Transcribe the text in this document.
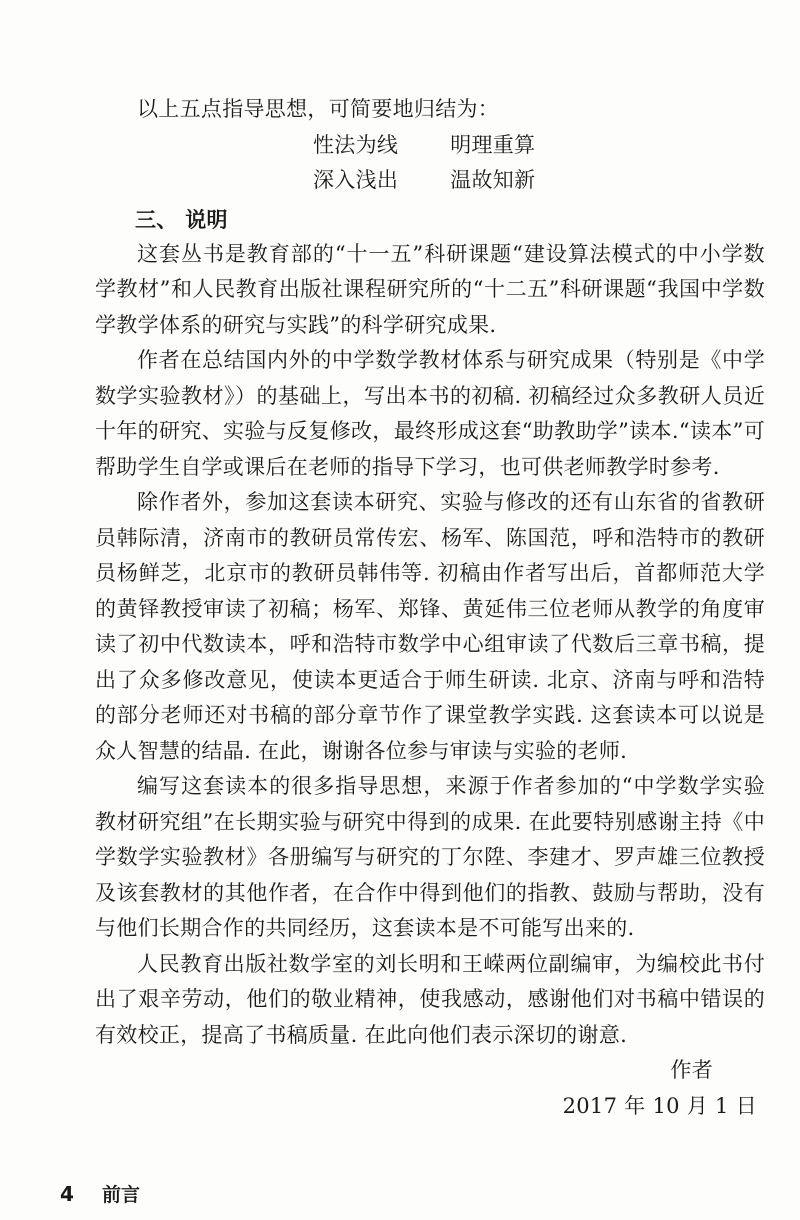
以上五点指导思想，可简要地归结为：

性法为线 明理重算

深入浅出 温故知新

三、 说明

这套丛书是教育部的“十一五”科研课题“建设算法模式的中小学数学教材”和人民教育出版社课程研究所的“十二五”科研课题“我国中学数学教学体系的研究与实践”的科学研究成果.

作者在总结国内外的中学数学教材体系与研究成果（特别是《中学数学实验教材》）的基础上，写出本书的初稿. 初稿经过众多教研人员近十年的研究、实验与反复修改，最终形成这套“助教助学”读本.“读本”可帮助学生自学或课后在老师的指导下学习，也可供老师教学时参考.

除作者外，参加这套读本研究、实验与修改的还有山东省的省教研员韩际清，济南市的教研员常传宏、杨军、陈国范，呼和浩特市的教研员杨鲜芝，北京市的教研员韩伟等. 初稿由作者写出后，首都师范大学的黄铎教授审读了初稿；杨军、郑锋、黄延伟三位老师从教学的角度审读了初中代数读本，呼和浩特市数学中心组审读了代数后三章书稿，提出了众多修改意见，使读本更适合于师生研读. 北京、济南与呼和浩特的部分老师还对书稿的部分章节作了课堂教学实践. 这套读本可以说是众人智慧的结晶. 在此，谢谢各位参与审读与实验的老师.

编写这套读本的很多指导思想，来源于作者参加的“中学数学实验教材研究组”在长期实验与研究中得到的成果. 在此要特别感谢主持《中学数学实验教材》各册编写与研究的丁尔陞、李建才、罗声雄三位教授及该套教材的其他作者，在合作中得到他们的指教、鼓励与帮助，没有与他们长期合作的共同经历，这套读本是不可能写出来的.

人民教育出版社数学室的刘长明和王嵘两位副编审，为编校此书付出了艰辛劳动，他们的敬业精神，使我感动，感谢他们对书稿中错误的有效校正，提高了书稿质量. 在此向他们表示深切的谢意.

作者

2017 年 10 月 1 日

4 前言
